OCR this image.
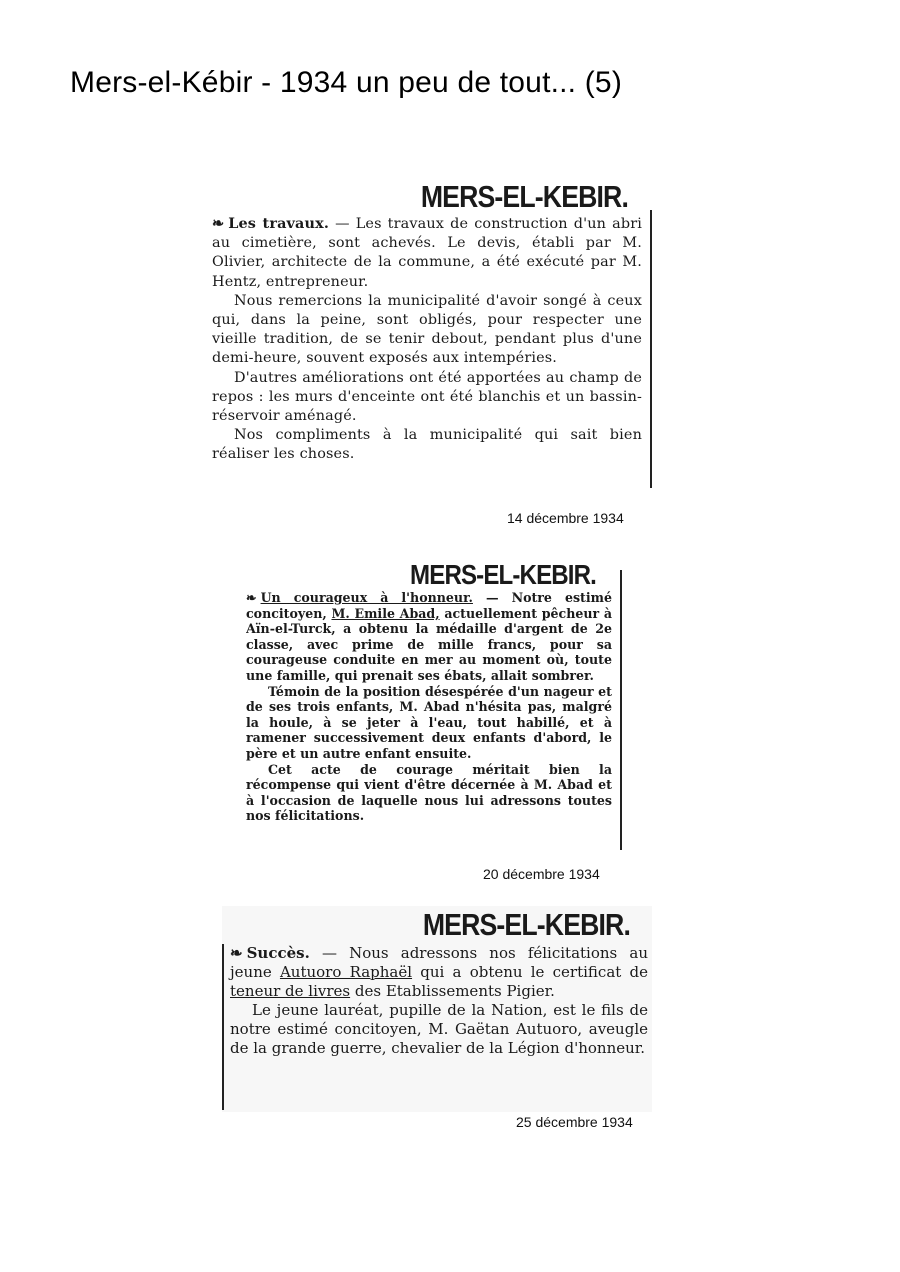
Mers-el-Kébir - 1934 un peu de tout... (5)
MERS-EL-KEBIR.

❧ Les travaux. — Les travaux de construction d'un abri au cimetière, sont achevés. Le devis, établi par M. Olivier, architecte de la commune, a été exécuté par M. Hentz, entrepreneur.

Nous remercions la municipalité d'avoir songé à ceux qui, dans la peine, sont obligés, pour respecter une vieille tradition, de se tenir debout, pendant plus d'une demi-heure, souvent exposés aux intempéries.

D'autres améliorations ont été apportées au champ de repos : les murs d'enceinte ont été blanchis et un bassin-réservoir aménagé.

Nos compliments à la municipalité qui sait bien réaliser les choses.

14 décembre 1934
MERS-EL-KEBIR.

❧ Un courageux à l'honneur. — Notre estimé concitoyen, M. Emile Abad, actuellement pêcheur à Aïn-el-Turck, a obtenu la médaille d'argent de 2e classe, avec prime de mille francs, pour sa courageuse conduite en mer au moment où, toute une famille, qui prenait ses ébats, allait sombrer.

Témoin de la position désespérée d'un nageur et de ses trois enfants, M. Abad n'hésita pas, malgré la houle, à se jeter à l'eau, tout habillé, et à ramener successivement deux enfants d'abord, le père et un autre enfant ensuite.

Cet acte de courage méritait bien la récompense qui vient d'être décernée à M. Abad et à l'occasion de laquelle nous lui adressons toutes nos félicitations.

20 décembre 1934
MERS-EL-KEBIR.

❧ Succès. — Nous adressons nos félicitations au jeune Autuoro Raphaël qui a obtenu le certificat de teneur de livres des Etablissements Pigier.

Le jeune lauréat, pupille de la Nation, est le fils de notre estimé concitoyen, M. Gaëtan Autuoro, aveugle de la grande guerre, chevalier de la Légion d'honneur.

25 décembre 1934
